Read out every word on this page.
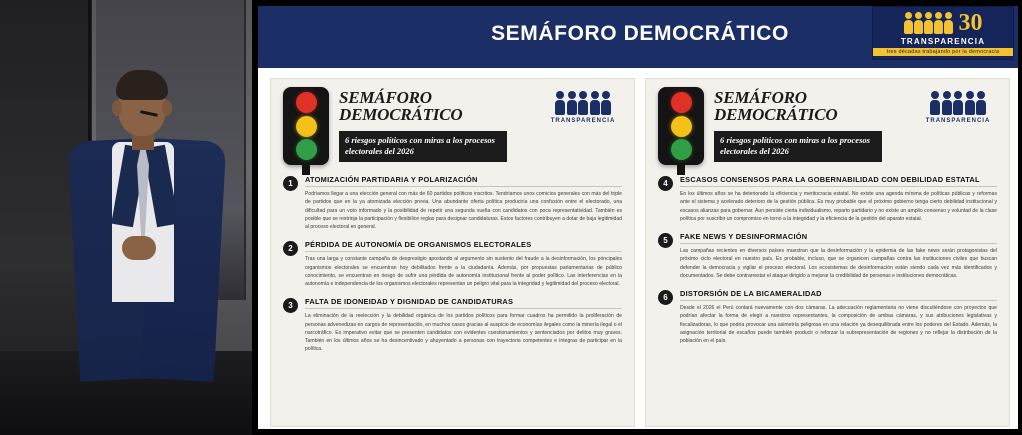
SEMÁFORO DEMOCRÁTICO	30
TRANSPARENCIA
tres décadas trabajando por la democracia
SEMÁFORO
DEMOCRÁTICO
6 riesgos políticos con miras a los procesos electorales del 2026
TRANSPARENCIA
1	ATOMIZACIÓN PARTIDARIA Y POLARIZACIÓN
Podríamos llegar a una elección general con más de 60 partidos políticos inscritos. Tendríamos unos comicios generales con más del triple de partidos que en la ya atomizada elección previa. Una abundante oferta política produciría una confusión entre el electorado, una dificultad para un voto informado y la posibilidad de repetir una segunda vuelta con candidatos con poca representatividad. También es posible que se restrinja la participación y flexibilice reglas para designar candidaturas. Estos factores contribuyen a dotar de baja legitimidad al proceso electoral en general.
2	PÉRDIDA DE AUTONOMÍA DE ORGANISMOS ELECTORALES
Tras una larga y constante campaña de desprestigio apostando al argumento sin sustento del fraude a la desinformación, los principales organismos electorales se encuentran hoy debilitados frente a la ciudadanía. Además, por propuestas parlamentarias de público conocimiento, se encuentran en riesgo de sufrir una pérdida de autonomía institucional frente al poder político. Las interferencias en la autonomía e independencia de los organismos electorales representan un peligro vital para la integridad y legitimidad del proceso electoral.
3	FALTA DE IDONEIDAD Y DIGNIDAD DE CANDIDATURAS
La eliminación de la reelección y la debilidad orgánica de los partidos políticos para formar cuadros ha permitido la proliferación de personas advenedizas en cargos de representación, en muchos casos gracias al auspicio de economías ilegales como la minería ilegal o el narcotráfico. Es imperativo evitar que se presenten candidatos con evidentes cuestionamientos y sentenciados por delitos muy graves. También en los últimos años se ha desincentivado y ahuyentado a personas con trayectoria competentes e íntegras de participar en la política.
SEMÁFORO
DEMOCRÁTICO
6 riesgos políticos con miras a los procesos electorales del 2026
TRANSPARENCIA
4	ESCASOS CONSENSOS PARA LA GOBERNABILIDAD CON DEBILIDAD ESTATAL
En los últimos años se ha deteriorado la eficiencia y meritocracia estatal. No existe una agenda mínima de políticas públicas y reformas ante el sistema y acelerado deterioro de la gestión pública. Es muy probable que el próximo gobierno tenga cierto debilidad institucional y escasos alianzas para gobernar. Aun persiste cierta individualismo, reparto partidario y no existe un amplio consenso y voluntad de la clase política por suscribir un compromiso en torno a la integridad y la eficiencia de la gestión del aparato estatal.
5	FAKE NEWS Y DESINFORMACIÓN
Las campañas recientes en diversos países muestran que la desinformación y la epidemia de las fake news serán protagonistas del próximo ciclo electoral en nuestro país. Es probable, incluso, que se organicen campañas contra las instituciones civiles que buscan defender la democracia y vigilar el proceso electoral. Los ecosistemas de desinformación están siendo cada vez más identificados y documentados. Se debe contrarrestar el ataque dirigido a mejorar la credibilidad de personas e instituciones democráticas.
6	DISTORSIÓN DE LA BICAMERALIDAD
Desde el 2026 el Perú contará nuevamente con dos cámaras. La adecuación reglamentaria no viene discutiéndose con proyectos que podrían afectar la forma de elegir a nuestros representantes, la composición de ambas cámaras, y sus atribuciones legislativas y fiscalizadoras, lo que podría provocar una asimetría peligrosa en una relación ya desequilibrada entre los poderes del Estado. Además, la asignación territorial de escaños puede también producir o reforzar la subrepresentación de regiones y no reflejar la distribución de la población en el país.
